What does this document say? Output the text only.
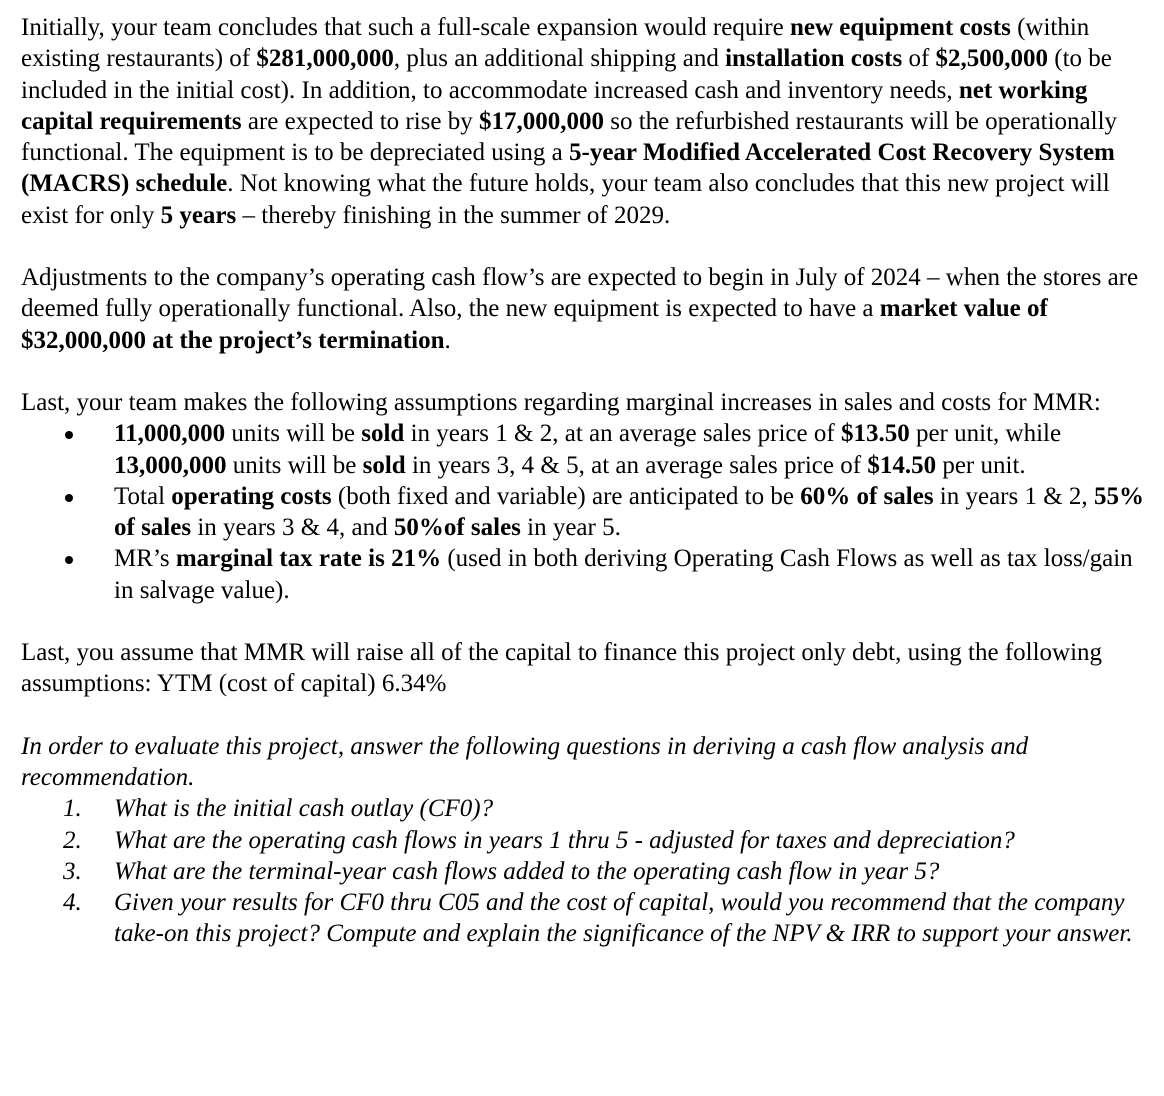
Initially, your team concludes that such a full-scale expansion would require new equipment costs (within existing restaurants) of $281,000,000, plus an additional shipping and installation costs of $2,500,000 (to be included in the initial cost). In addition, to accommodate increased cash and inventory needs, net working capital requirements are expected to rise by $17,000,000 so the refurbished restaurants will be operationally functional. The equipment is to be depreciated using a 5-year Modified Accelerated Cost Recovery System (MACRS) schedule. Not knowing what the future holds, your team also concludes that this new project will exist for only 5 years – thereby finishing in the summer of 2029.

Adjustments to the company’s operating cash flow’s are expected to begin in July of 2024 – when the stores are deemed fully operationally functional. Also, the new equipment is expected to have a market value of $32,000,000 at the project’s termination.

Last, your team makes the following assumptions regarding marginal increases in sales and costs for MMR:

11,000,000 units will be sold in years 1 & 2, at an average sales price of $13.50 per unit, while 13,000,000 units will be sold in years 3, 4 & 5, at an average sales price of $14.50 per unit.
Total operating costs (both fixed and variable) are anticipated to be 60% of sales in years 1 & 2, 55% of sales in years 3 & 4, and 50%of sales in year 5.
MR’s marginal tax rate is 21% (used in both deriving Operating Cash Flows as well as tax loss/gain in salvage value).

Last, you assume that MMR will raise all of the capital to finance this project only debt, using the following assumptions: YTM (cost of capital) 6.34%

In order to evaluate this project, answer the following questions in deriving a cash flow analysis and recommendation.

1. What is the initial cash outlay (CF0)?
2. What are the operating cash flows in years 1 thru 5 - adjusted for taxes and depreciation?
3. What are the terminal-year cash flows added to the operating cash flow in year 5?
4. Given your results for CF0 thru C05 and the cost of capital, would you recommend that the company take-on this project? Compute and explain the significance of the NPV & IRR to support your answer.
